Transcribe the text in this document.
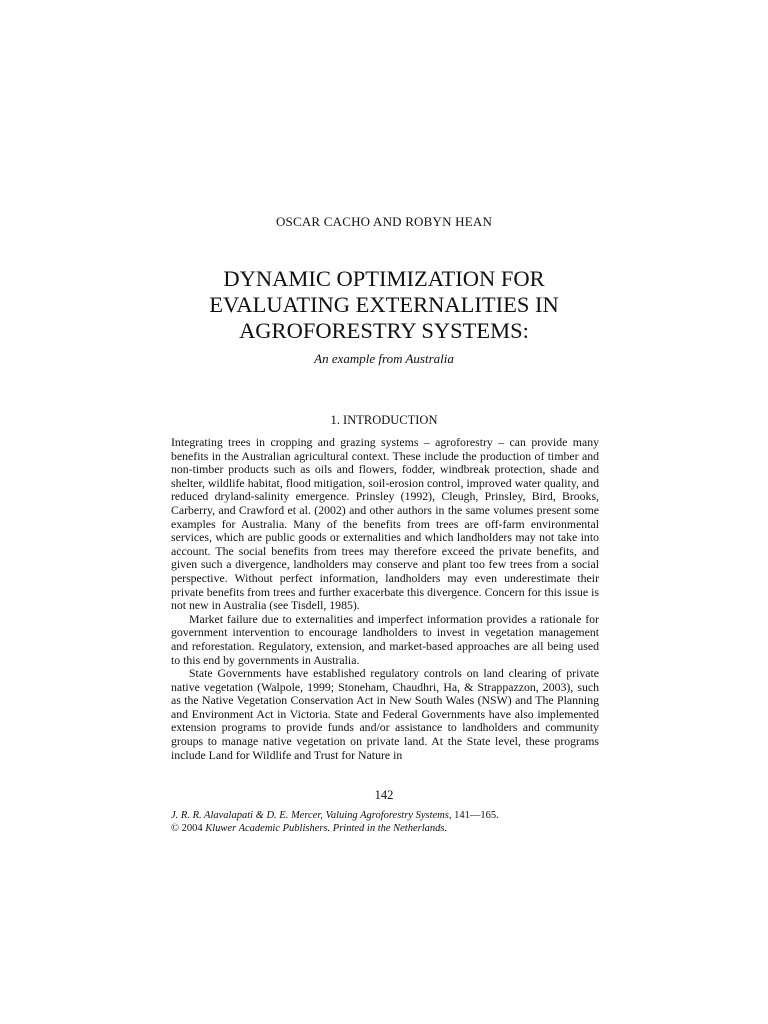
OSCAR CACHO AND ROBYN HEAN
DYNAMIC OPTIMIZATION FOR
EVALUATING EXTERNALITIES IN
AGROFORESTRY SYSTEMS:
An example from Australia
1. INTRODUCTION

Integrating trees in cropping and grazing systems – agroforestry – can provide many benefits in the Australian agricultural context. These include the production of timber and non-timber products such as oils and flowers, fodder, windbreak protection, shade and shelter, wildlife habitat, flood mitigation, soil-erosion control, improved water quality, and reduced dryland-salinity emergence. Prinsley (1992), Cleugh, Prinsley, Bird, Brooks, Carberry, and Crawford et al. (2002) and other authors in the same volumes present some examples for Australia. Many of the benefits from trees are off-farm environmental services, which are public goods or externalities and which landholders may not take into account. The social benefits from trees may therefore exceed the private benefits, and given such a divergence, landholders may conserve and plant too few trees from a social perspective. Without perfect information, landholders may even underestimate their private benefits from trees and further exacerbate this divergence. Concern for this issue is not new in Australia (see Tisdell, 1985).

Market failure due to externalities and imperfect information provides a rationale for government intervention to encourage landholders to invest in vegetation management and reforestation. Regulatory, extension, and market-based approaches are all being used to this end by governments in Australia.

State Governments have established regulatory controls on land clearing of private native vegetation (Walpole, 1999; Stoneham, Chaudhri, Ha, & Strappazzon, 2003), such as the Native Vegetation Conservation Act in New South Wales (NSW) and The Planning and Environment Act in Victoria. State and Federal Governments have also implemented extension programs to provide funds and/or assistance to landholders and community groups to manage native vegetation on private land. At the State level, these programs include Land for Wildlife and Trust for Nature in

142
J. R. R. Alavalapati & D. E. Mercer, Valuing Agroforestry Systems, 141—165.
© 2004 Kluwer Academic Publishers. Printed in the Netherlands.
